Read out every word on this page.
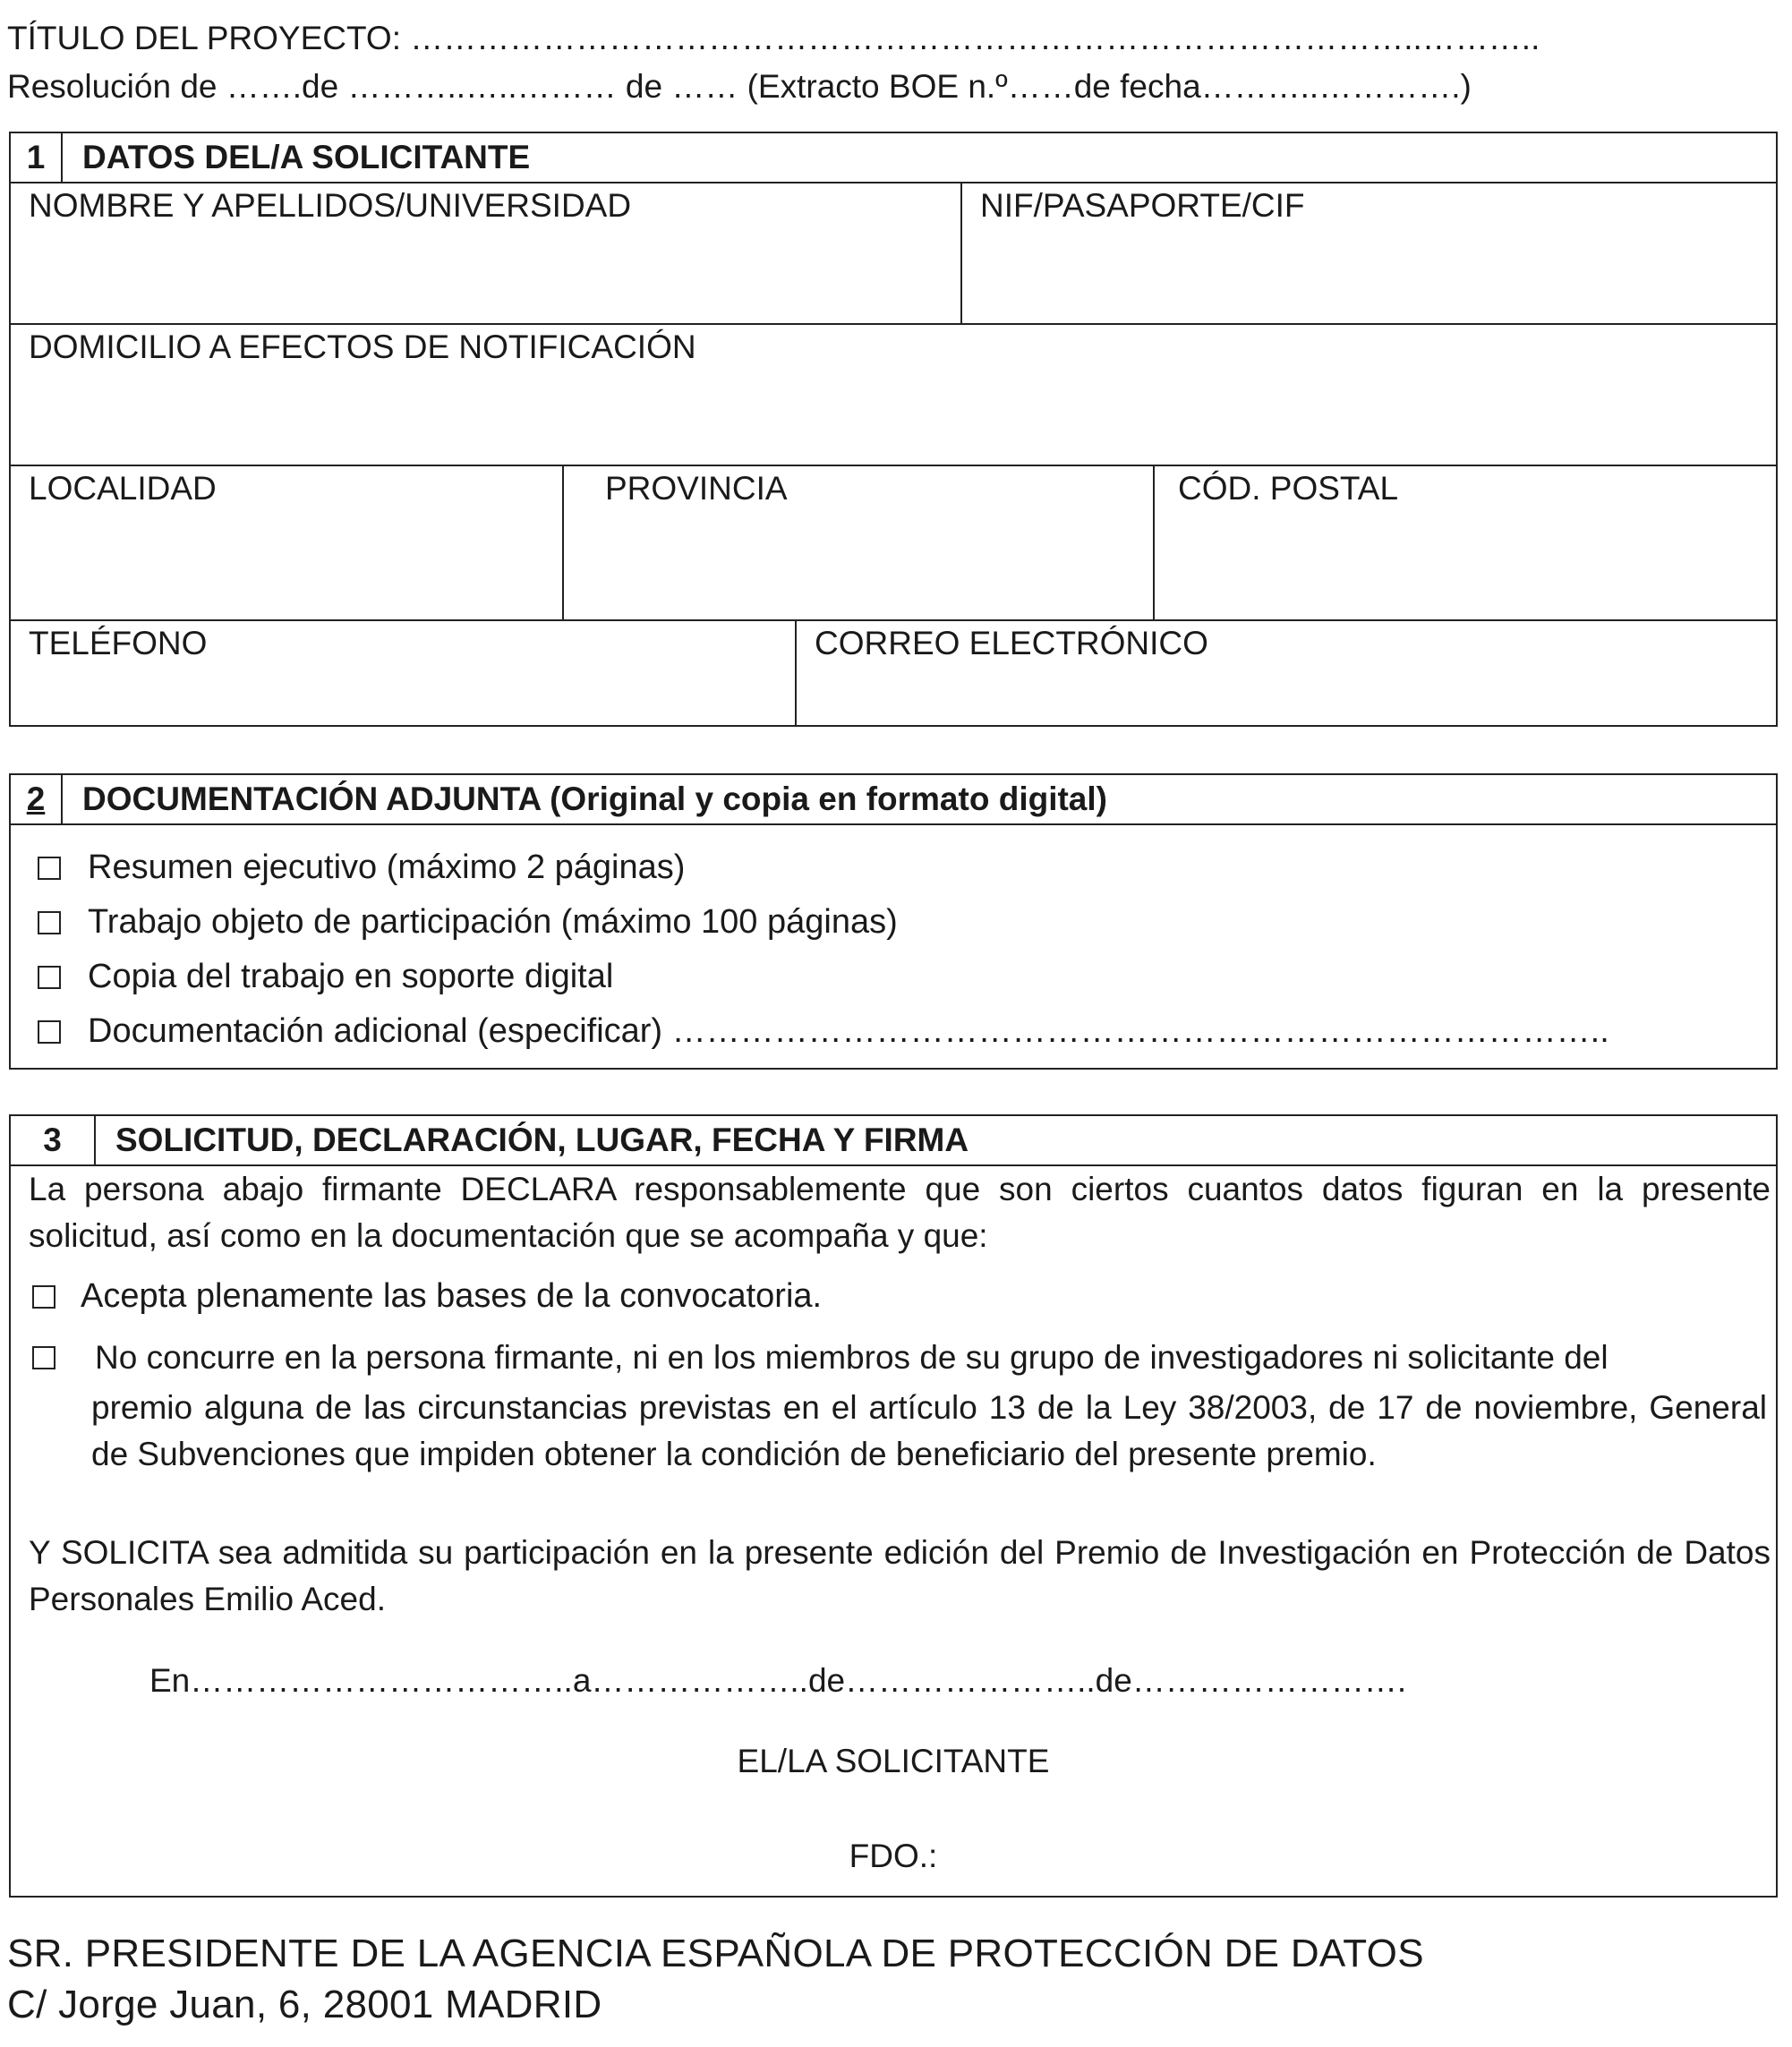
TÍTULO DEL PROYECTO: ………………………………………………………………………………..………..
Resolución de …….de ………..…..……… de …… (Extracto BOE n.º……de fecha………..………….)
1	DATOS DEL/A SOLICITANTE
NOMBRE Y APELLIDOS/UNIVERSIDAD	NIF/PASAPORTE/CIF
DOMICILIO A EFECTOS DE NOTIFICACIÓN
LOCALIDAD	PROVINCIA	CÓD. POSTAL
TELÉFONO	CORREO ELECTRÓNICO
2	DOCUMENTACIÓN ADJUNTA (Original y copia en formato digital)
Resumen ejecutivo (máximo 2 páginas)
Trabajo objeto de participación (máximo 100 páginas)
Copia del trabajo en soporte digital
Documentación adicional (especificar) ………………………………………………………………………..
3	SOLICITUD, DECLARACIÓN, LUGAR, FECHA Y FIRMA
La persona abajo firmante DECLARA responsablemente que son ciertos cuantos datos figuran en la presente solicitud, así como en la documentación que se acompaña y que:
Acepta plenamente las bases de la convocatoria.
No concurre en la persona firmante, ni en los miembros de su grupo de investigadores ni solicitante del
premio alguna de las circunstancias previstas en el artículo 13 de la Ley 38/2003, de 17 de noviembre, General de Subvenciones que impiden obtener la condición de beneficiario del presente premio.
Y SOLICITA sea admitida su participación en la presente edición del Premio de Investigación en Protección de Datos Personales Emilio Aced.
En……………………………..a………………..de…………………..de…………………….
EL/LA SOLICITANTE
FDO.:
SR. PRESIDENTE DE LA AGENCIA ESPAÑOLA DE PROTECCIÓN DE DATOS
C/ Jorge Juan, 6, 28001 MADRID
